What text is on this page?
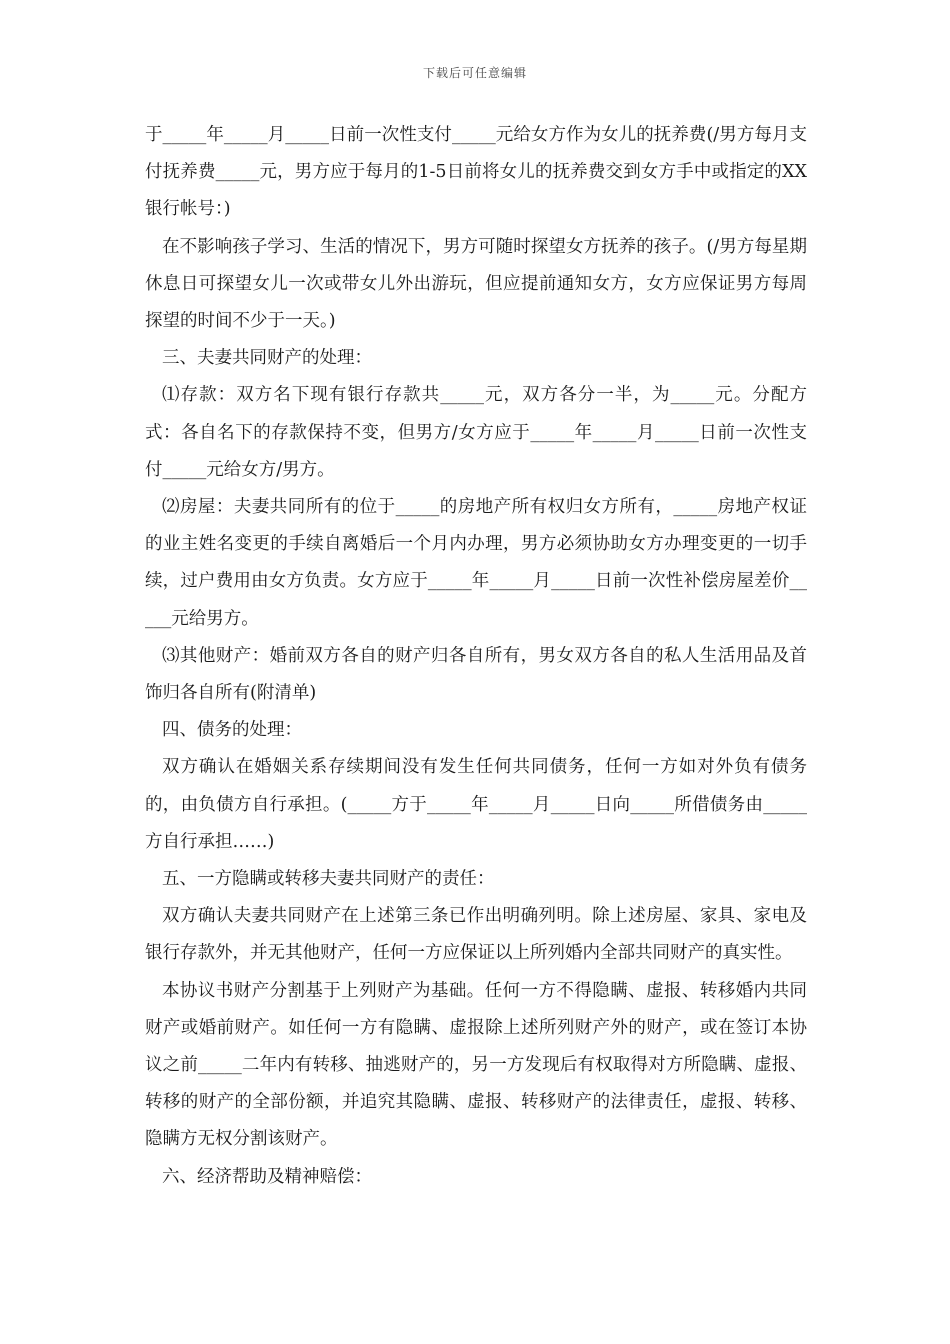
下载后可任意编辑

于_____年_____月_____日前一次性支付_____元给女方作为女儿的抚养费(/男方每月支付抚养费_____元，男方应于每月的1-5日前将女儿的抚养费交到女方手中或指定的XX银行帐号：)

在不影响孩子学习、生活的情况下，男方可随时探望女方抚养的孩子。(/男方每星期休息日可探望女儿一次或带女儿外出游玩，但应提前通知女方，女方应保证男方每周探望的时间不少于一天。)

三、夫妻共同财产的处理：

⑴存款：双方名下现有银行存款共_____元，双方各分一半，为_____元。分配方式：各自名下的存款保持不变，但男方/女方应于_____年_____月_____日前一次性支付_____元给女方/男方。

⑵房屋：夫妻共同所有的位于_____的房地产所有权归女方所有，_____房地产权证的业主姓名变更的手续自离婚后一个月内办理，男方必须协助女方办理变更的一切手续，过户费用由女方负责。女方应于_____年_____月_____日前一次性补偿房屋差价_____元给男方。

⑶其他财产：婚前双方各自的财产归各自所有，男女双方各自的私人生活用品及首饰归各自所有(附清单)

四、债务的处理：

双方确认在婚姻关系存续期间没有发生任何共同债务，任何一方如对外负有债务的，由负债方自行承担。(_____方于_____年_____月_____日向_____所借债务由_____方自行承担……)

五、一方隐瞒或转移夫妻共同财产的责任：

双方确认夫妻共同财产在上述第三条已作出明确列明。除上述房屋、家具、家电及银行存款外，并无其他财产，任何一方应保证以上所列婚内全部共同财产的真实性。

本协议书财产分割基于上列财产为基础。任何一方不得隐瞒、虚报、转移婚内共同财产或婚前财产。如任何一方有隐瞒、虚报除上述所列财产外的财产，或在签订本协议之前_____二年内有转移、抽逃财产的，另一方发现后有权取得对方所隐瞒、虚报、转移的财产的全部份额，并追究其隐瞒、虚报、转移财产的法律责任，虚报、转移、隐瞒方无权分割该财产。

六、经济帮助及精神赔偿：
